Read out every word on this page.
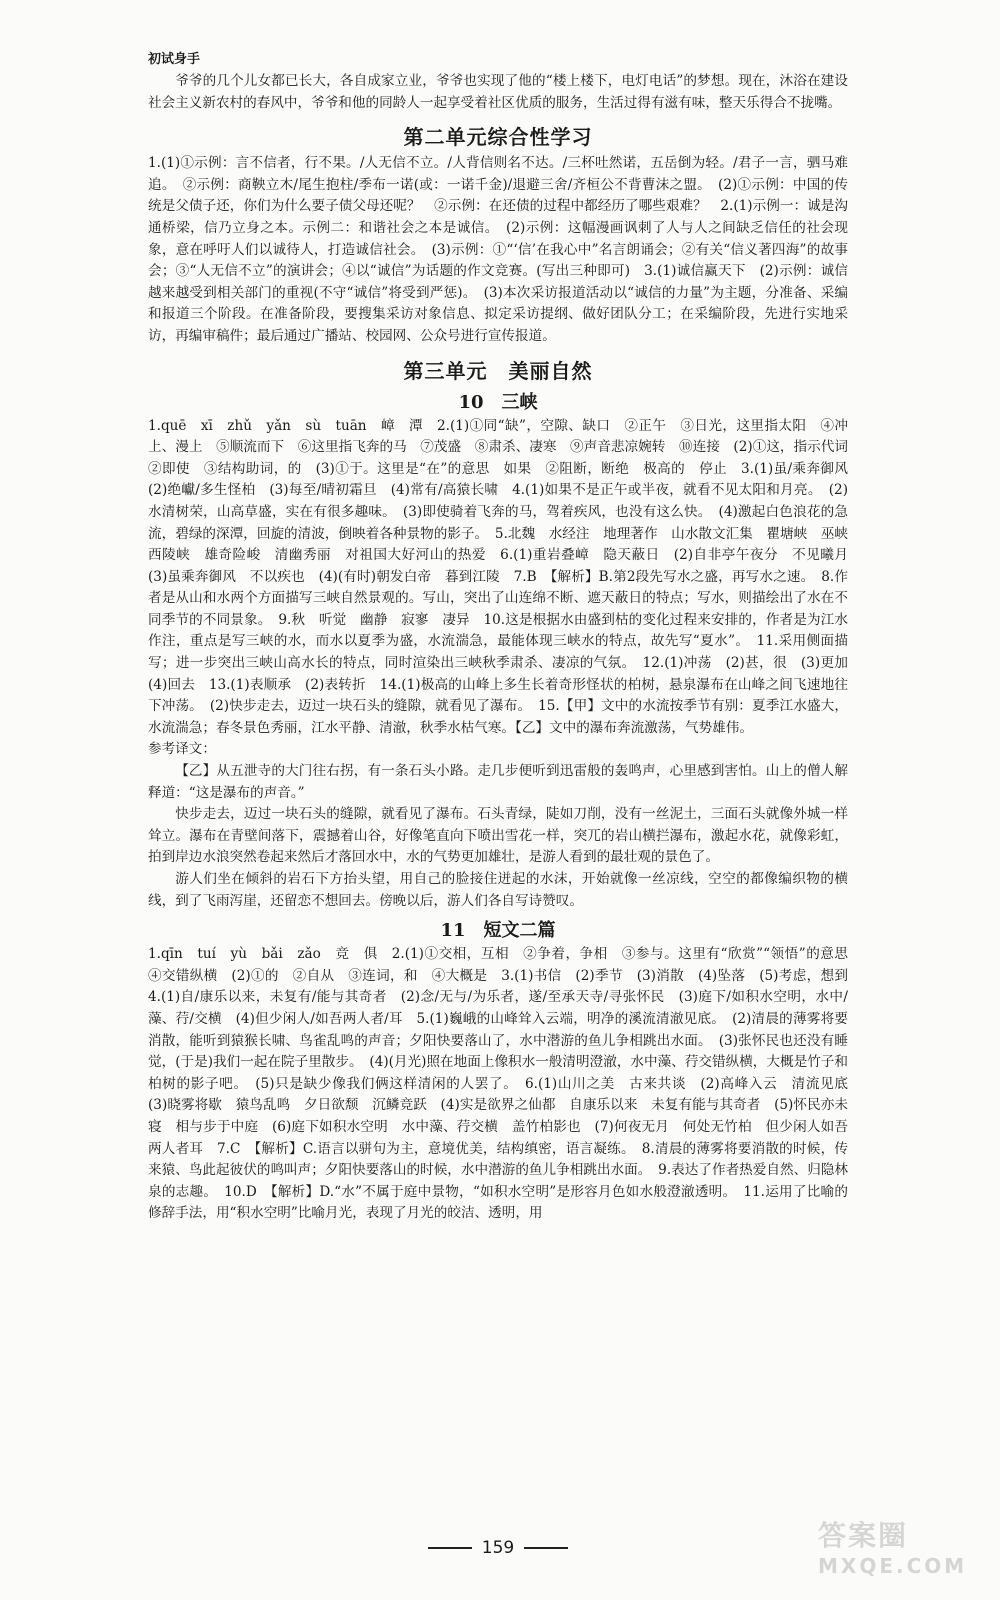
初试身手

爷爷的几个儿女都已长大，各自成家立业，爷爷也实现了他的“楼上楼下，电灯电话”的梦想。现在，沐浴在建设社会主义新农村的春风中，爷爷和他的同龄人一起享受着社区优质的服务，生活过得有滋有味，整天乐得合不拢嘴。

第二单元综合性学习

1.(1)①示例：言不信者，行不果。/人无信不立。/人背信则名不达。/三杯吐然诺，五岳倒为轻。/君子一言，驷马难追。　②示例：商鞅立木/尾生抱柱/季布一诺(或：一诺千金)/退避三舍/齐桓公不背曹沫之盟。　(2)①示例：中国的传统是父债子还，你们为什么要子债父母还呢？　②示例：在还债的过程中都经历了哪些艰难？　2.(1)示例一：诚是沟通桥梁，信乃立身之本。示例二：和谐社会之本是诚信。　(2)示例：这幅漫画讽刺了人与人之间缺乏信任的社会现象，意在呼吁人们以诚待人，打造诚信社会。　(3)示例：①“‘信’在我心中”名言朗诵会；②有关“信义著四海”的故事会；③“人无信不立”的演讲会；④以“诚信”为话题的作文竞赛。(写出三种即可)　3.(1)诚信赢天下　(2)示例：诚信越来越受到相关部门的重视(不守“诚信”将受到严惩)。　(3)本次采访报道活动以“诚信的力量”为主题，分准备、采编和报道三个阶段。在准备阶段，要搜集采访对象信息、拟定采访提纲、做好团队分工；在采编阶段，先进行实地采访，再编审稿件；最后通过广播站、校园网、公众号进行宣传报道。

第三单元　美丽自然
10　三峡

1.quē　xī　zhǔ　yǎn　sù　tuān　嶂　潭　2.(1)①同“缺”，空隙、缺口　②正午　③日光，这里指太阳　④冲上、漫上　⑤顺流而下　⑥这里指飞奔的马　⑦茂盛　⑧肃杀、凄寒　⑨声音悲凉婉转　⑩连接　(2)①这，指示代词　②即使　③结构助词，的　(3)①于。这里是“在”的意思　如果　②阻断，断绝　极高的　停止　3.(1)虽/乘奔御风　(2)绝巘/多生怪柏　(3)每至/晴初霜旦　(4)常有/高猿长啸　4.(1)如果不是正午或半夜，就看不见太阳和月亮。　(2)水清树荣，山高草盛，实在有很多趣味。　(3)即使骑着飞奔的马，驾着疾风，也没有这么快。　(4)激起白色浪花的急流，碧绿的深潭，回旋的清波，倒映着各种景物的影子。　5.北魏　水经注　地理著作　山水散文汇集　瞿塘峡　巫峡　西陵峡　雄奇险峻　清幽秀丽　对祖国大好河山的热爱　6.(1)重岩叠嶂　隐天蔽日　(2)自非亭午夜分　不见曦月　(3)虽乘奔御风　不以疾也　(4)(有时)朝发白帝　暮到江陵　7.B　【解析】B.第2段先写水之盛，再写水之速。　8.作者是从山和水两个方面描写三峡自然景观的。写山，突出了山连绵不断、遮天蔽日的特点；写水，则描绘出了水在不同季节的不同景象。　9.秋　听觉　幽静　寂寥　凄异　10.这是根据水由盛到枯的变化过程来安排的，作者是为江水作注，重点是写三峡的水，而水以夏季为盛，水流湍急，最能体现三峡水的特点，故先写“夏水”。　11.采用侧面描写；进一步突出三峡山高水长的特点，同时渲染出三峡秋季肃杀、凄凉的气氛。　12.(1)冲荡　(2)甚，很　(3)更加　(4)回去　13.(1)表顺承　(2)表转折　14.(1)极高的山峰上多生长着奇形怪状的柏树，悬泉瀑布在山峰之间飞速地往下冲荡。　(2)快步走去，迈过一块石头的缝隙，就看见了瀑布。　15.【甲】文中的水流按季节有别：夏季江水盛大，水流湍急；春冬景色秀丽，江水平静、清澈，秋季水枯气寒。【乙】文中的瀑布奔流激荡，气势雄伟。

参考译文：

【乙】从五泄寺的大门往右拐，有一条石头小路。走几步便听到迅雷般的轰鸣声，心里感到害怕。山上的僧人解释道：“这是瀑布的声音。”

快步走去，迈过一块石头的缝隙，就看见了瀑布。石头青绿，陡如刀削，没有一丝泥土，三面石头就像外城一样耸立。瀑布在青壁间落下，震撼着山谷，好像笔直向下喷出雪花一样，突兀的岩山横拦瀑布，激起水花，就像彩虹，拍到岸边水浪突然卷起来然后才落回水中，水的气势更加雄壮，是游人看到的最壮观的景色了。

游人们坐在倾斜的岩石下方抬头望，用自己的脸接住迸起的水沫，开始就像一丝凉线，空空的都像编织物的横线，到了飞雨泻崖，还留恋不想回去。傍晚以后，游人们各自写诗赞叹。

11　短文二篇

1.qīn　tuí　yù　bǎi　zǎo　竞　俱　2.(1)①交相，互相　②争着，争相　③参与。这里有“欣赏”“领悟”的意思　④交错纵横　(2)①的　②自从　③连词，和　④大概是　3.(1)书信　(2)季节　(3)消散　(4)坠落　(5)考虑，想到　4.(1)自/康乐以来，未复有/能与其奇者　(2)念/无与/为乐者，遂/至承天寺/寻张怀民　(3)庭下/如积水空明，水中/藻、荇/交横　(4)但少闲人/如吾两人者/耳　5.(1)巍峨的山峰耸入云端，明净的溪流清澈见底。　(2)清晨的薄雾将要消散，能听到猿猴长啸、鸟雀乱鸣的声音；夕阳快要落山了，水中潜游的鱼儿争相跳出水面。　(3)张怀民也还没有睡觉，(于是)我们一起在院子里散步。　(4)(月光)照在地面上像积水一般清明澄澈，水中藻、荇交错纵横，大概是竹子和柏树的影子吧。　(5)只是缺少像我们俩这样清闲的人罢了。　6.(1)山川之美　古来共谈　(2)高峰入云　清流见底　(3)晓雾将歇　猿鸟乱鸣　夕日欲颓　沉鳞竞跃　(4)实是欲界之仙都　自康乐以来　未复有能与其奇者　(5)怀民亦未寝　相与步于中庭　(6)庭下如积水空明　水中藻、荇交横　盖竹柏影也　(7)何夜无月　何处无竹柏　但少闲人如吾两人者耳　7.C　【解析】C.语言以骈句为主，意境优美，结构缜密，语言凝练。　8.清晨的薄雾将要消散的时候，传来猿、鸟此起彼伏的鸣叫声；夕阳快要落山的时候，水中潜游的鱼儿争相跳出水面。　9.表达了作者热爱自然、归隐林泉的志趣。　10.D　【解析】D.“水”不属于庭中景物，“如积水空明”是形容月色如水般澄澈透明。　11.运用了比喻的修辞手法，用“积水空明”比喻月光，表现了月光的皎洁、透明，用

159	答案圈
MXQE.COM
